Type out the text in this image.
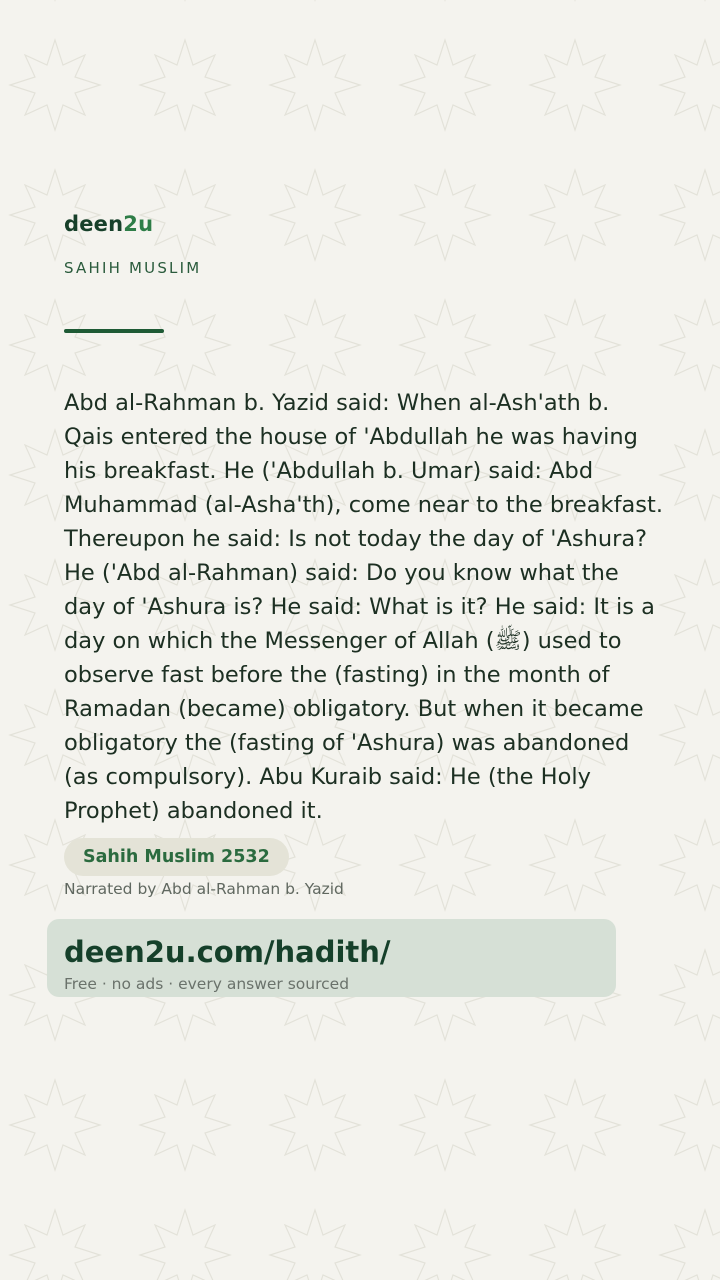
deen2u
SAHIH MUSLIM

Abd al-Rahman b. Yazid said: When al-Ash'ath b. Qais entered the house of 'Abdullah he was having his breakfast. He ('Abdullah b. Umar) said: Abd Muhammad (al-Asha'th), come near to the breakfast. Thereupon he said: Is not today the day of 'Ashura? He ('Abd al-Rahman) said: Do you know what the day of 'Ashura is? He said: What is it? He said: It is a day on which the Messenger of Allah (ﷺ) used to observe fast before the (fasting) in the month of Ramadan (became) obligatory. But when it became obligatory the (fasting of 'Ashura) was abandoned (as compulsory). Abu Kuraib said: He (the Holy Prophet) abandoned it.

Sahih Muslim 2532
Narrated by Abd al-Rahman b. Yazid
deen2u.com/hadith/
Free · no ads · every answer sourced
